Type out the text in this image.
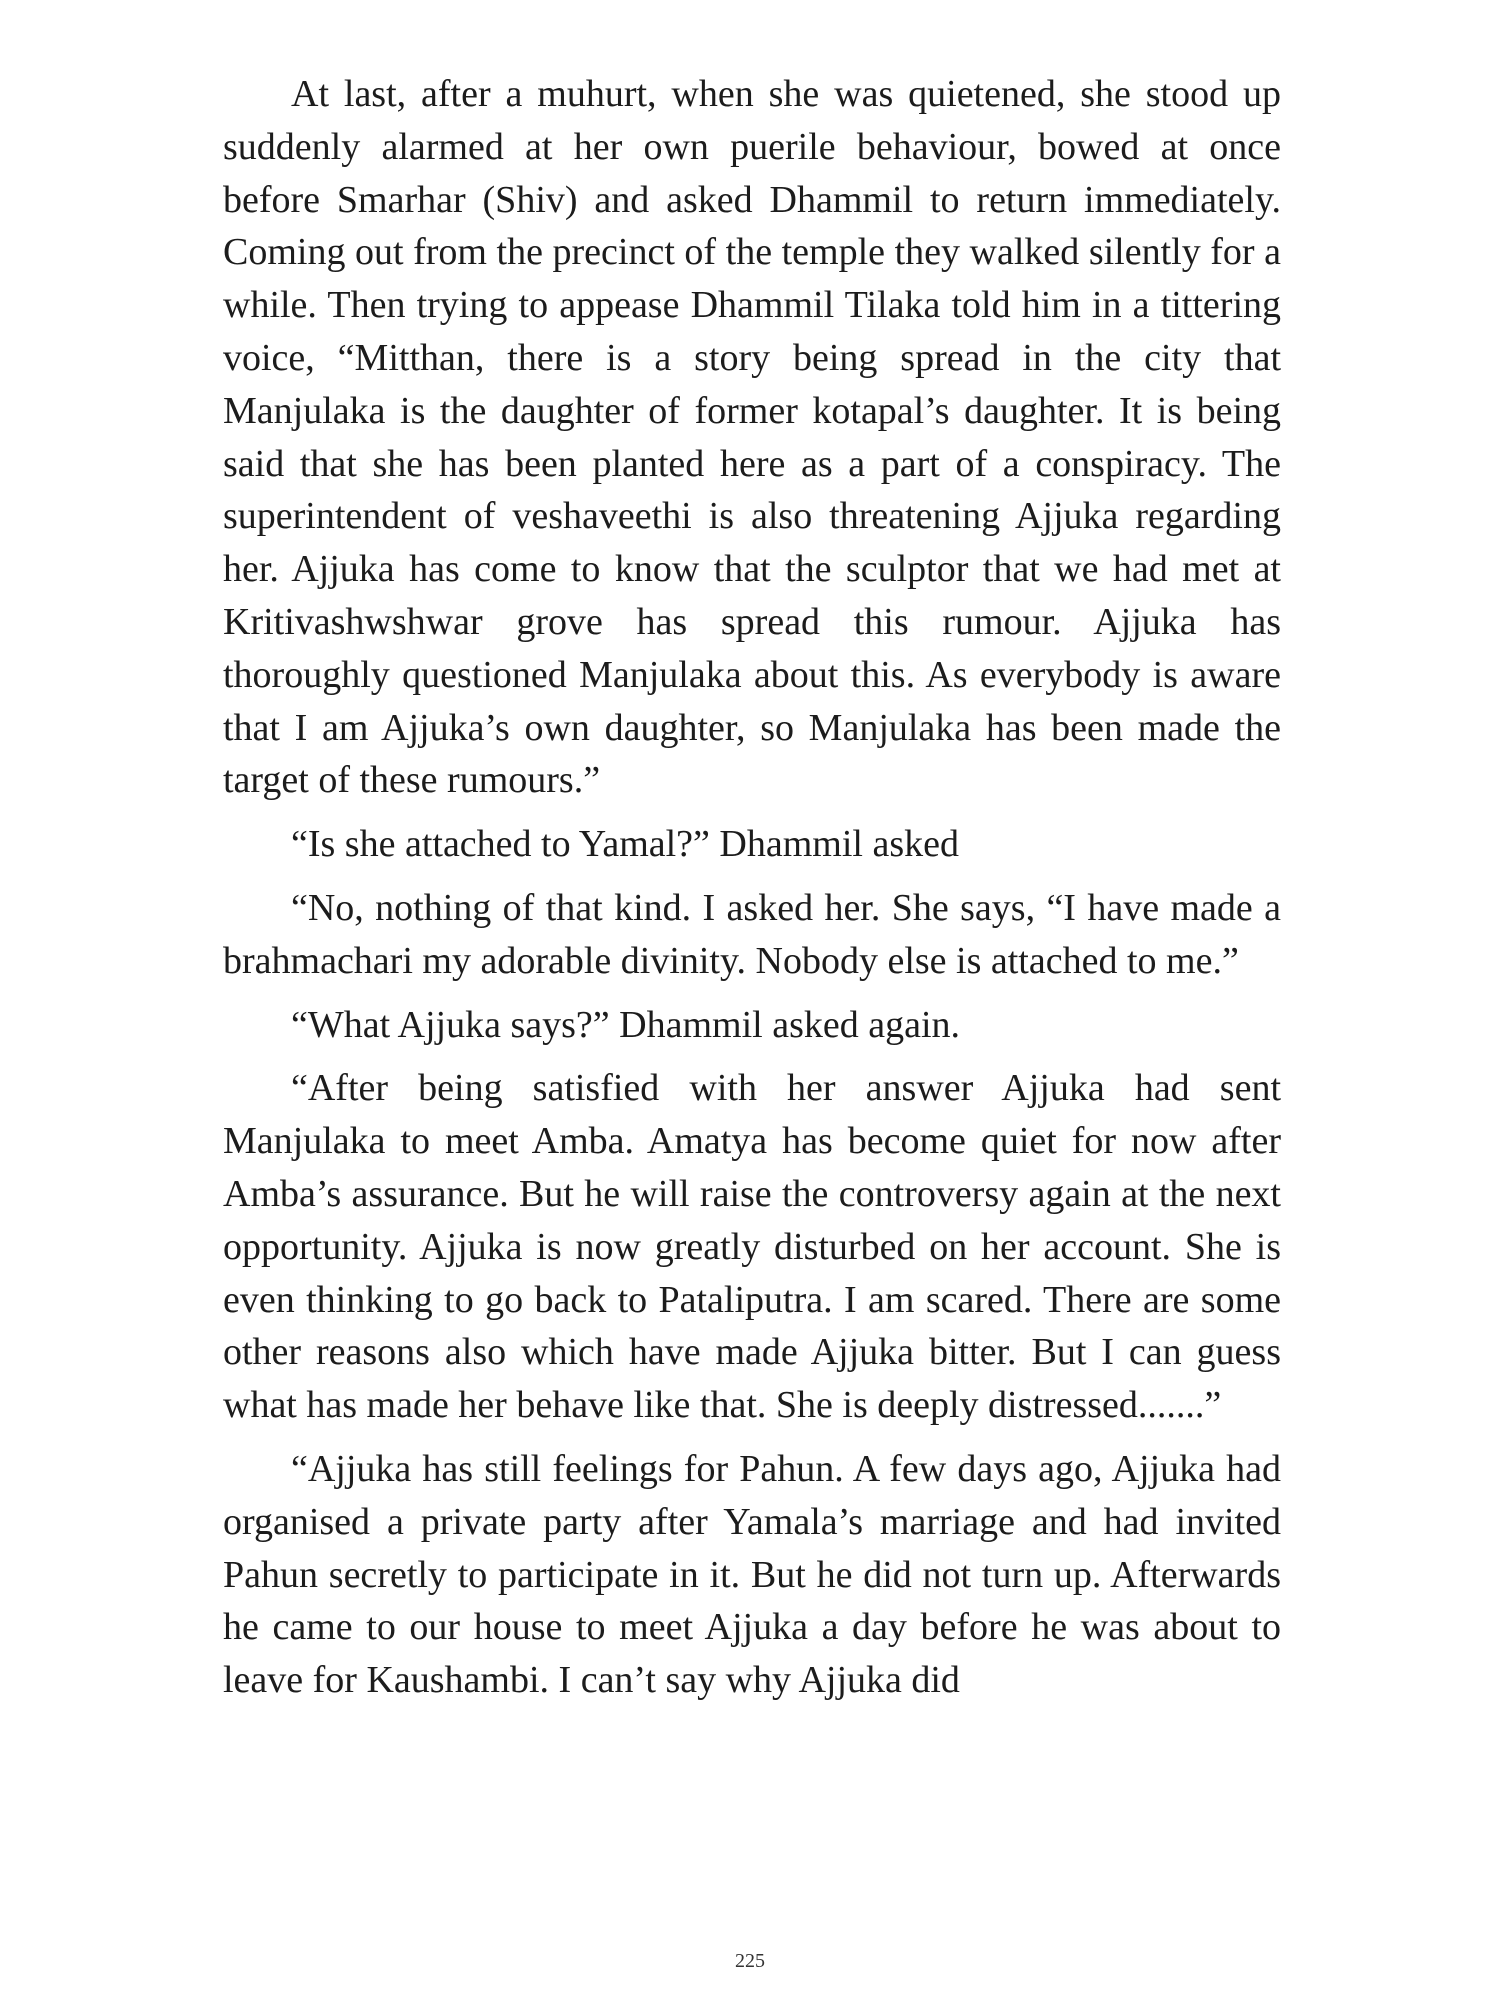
At last, after a muhurt, when she was quietened, she stood up suddenly alarmed at her own puerile behaviour, bowed at once before Smarhar (Shiv) and asked Dhammil to return immediately. Coming out from the precinct of the temple they walked silently for a while. Then trying to appease Dhammil Tilaka told him in a tittering voice, “Mitthan, there is a story being spread in the city that Manjulaka is the daughter of former kotapal’s daughter. It is being said that she has been planted here as a part of a conspiracy. The superintendent of veshaveethi is also threatening Ajjuka regarding her. Ajjuka has come to know that the sculptor that we had met at Kritivashwshwar grove has spread this rumour. Ajjuka has thoroughly questioned Manjulaka about this. As everybody is aware that I am Ajjuka’s own daughter, so Manjulaka has been made the target of these rumours.”

“Is she attached to Yamal?” Dhammil asked

“No, nothing of that kind. I asked her. She says, “I have made a brahmachari my adorable divinity. Nobody else is attached to me.”

“What Ajjuka says?” Dhammil asked again.

“After being satisfied with her answer Ajjuka had sent Manjulaka to meet Amba. Amatya has become quiet for now after Amba’s assurance. But he will raise the controversy again at the next opportunity. Ajjuka is now greatly disturbed on her account. She is even thinking to go back to Pataliputra. I am scared. There are some other reasons also which have made Ajjuka bitter. But I can guess what has made her behave like that. She is deeply distressed.......”

“Ajjuka has still feelings for Pahun. A few days ago, Ajjuka had organised a private party after Yamala’s marriage and had invited Pahun secretly to participate in it. But he did not turn up. Afterwards he came to our house to meet Ajjuka a day before he was about to leave for Kaushambi. I can’t say why Ajjuka did

225
